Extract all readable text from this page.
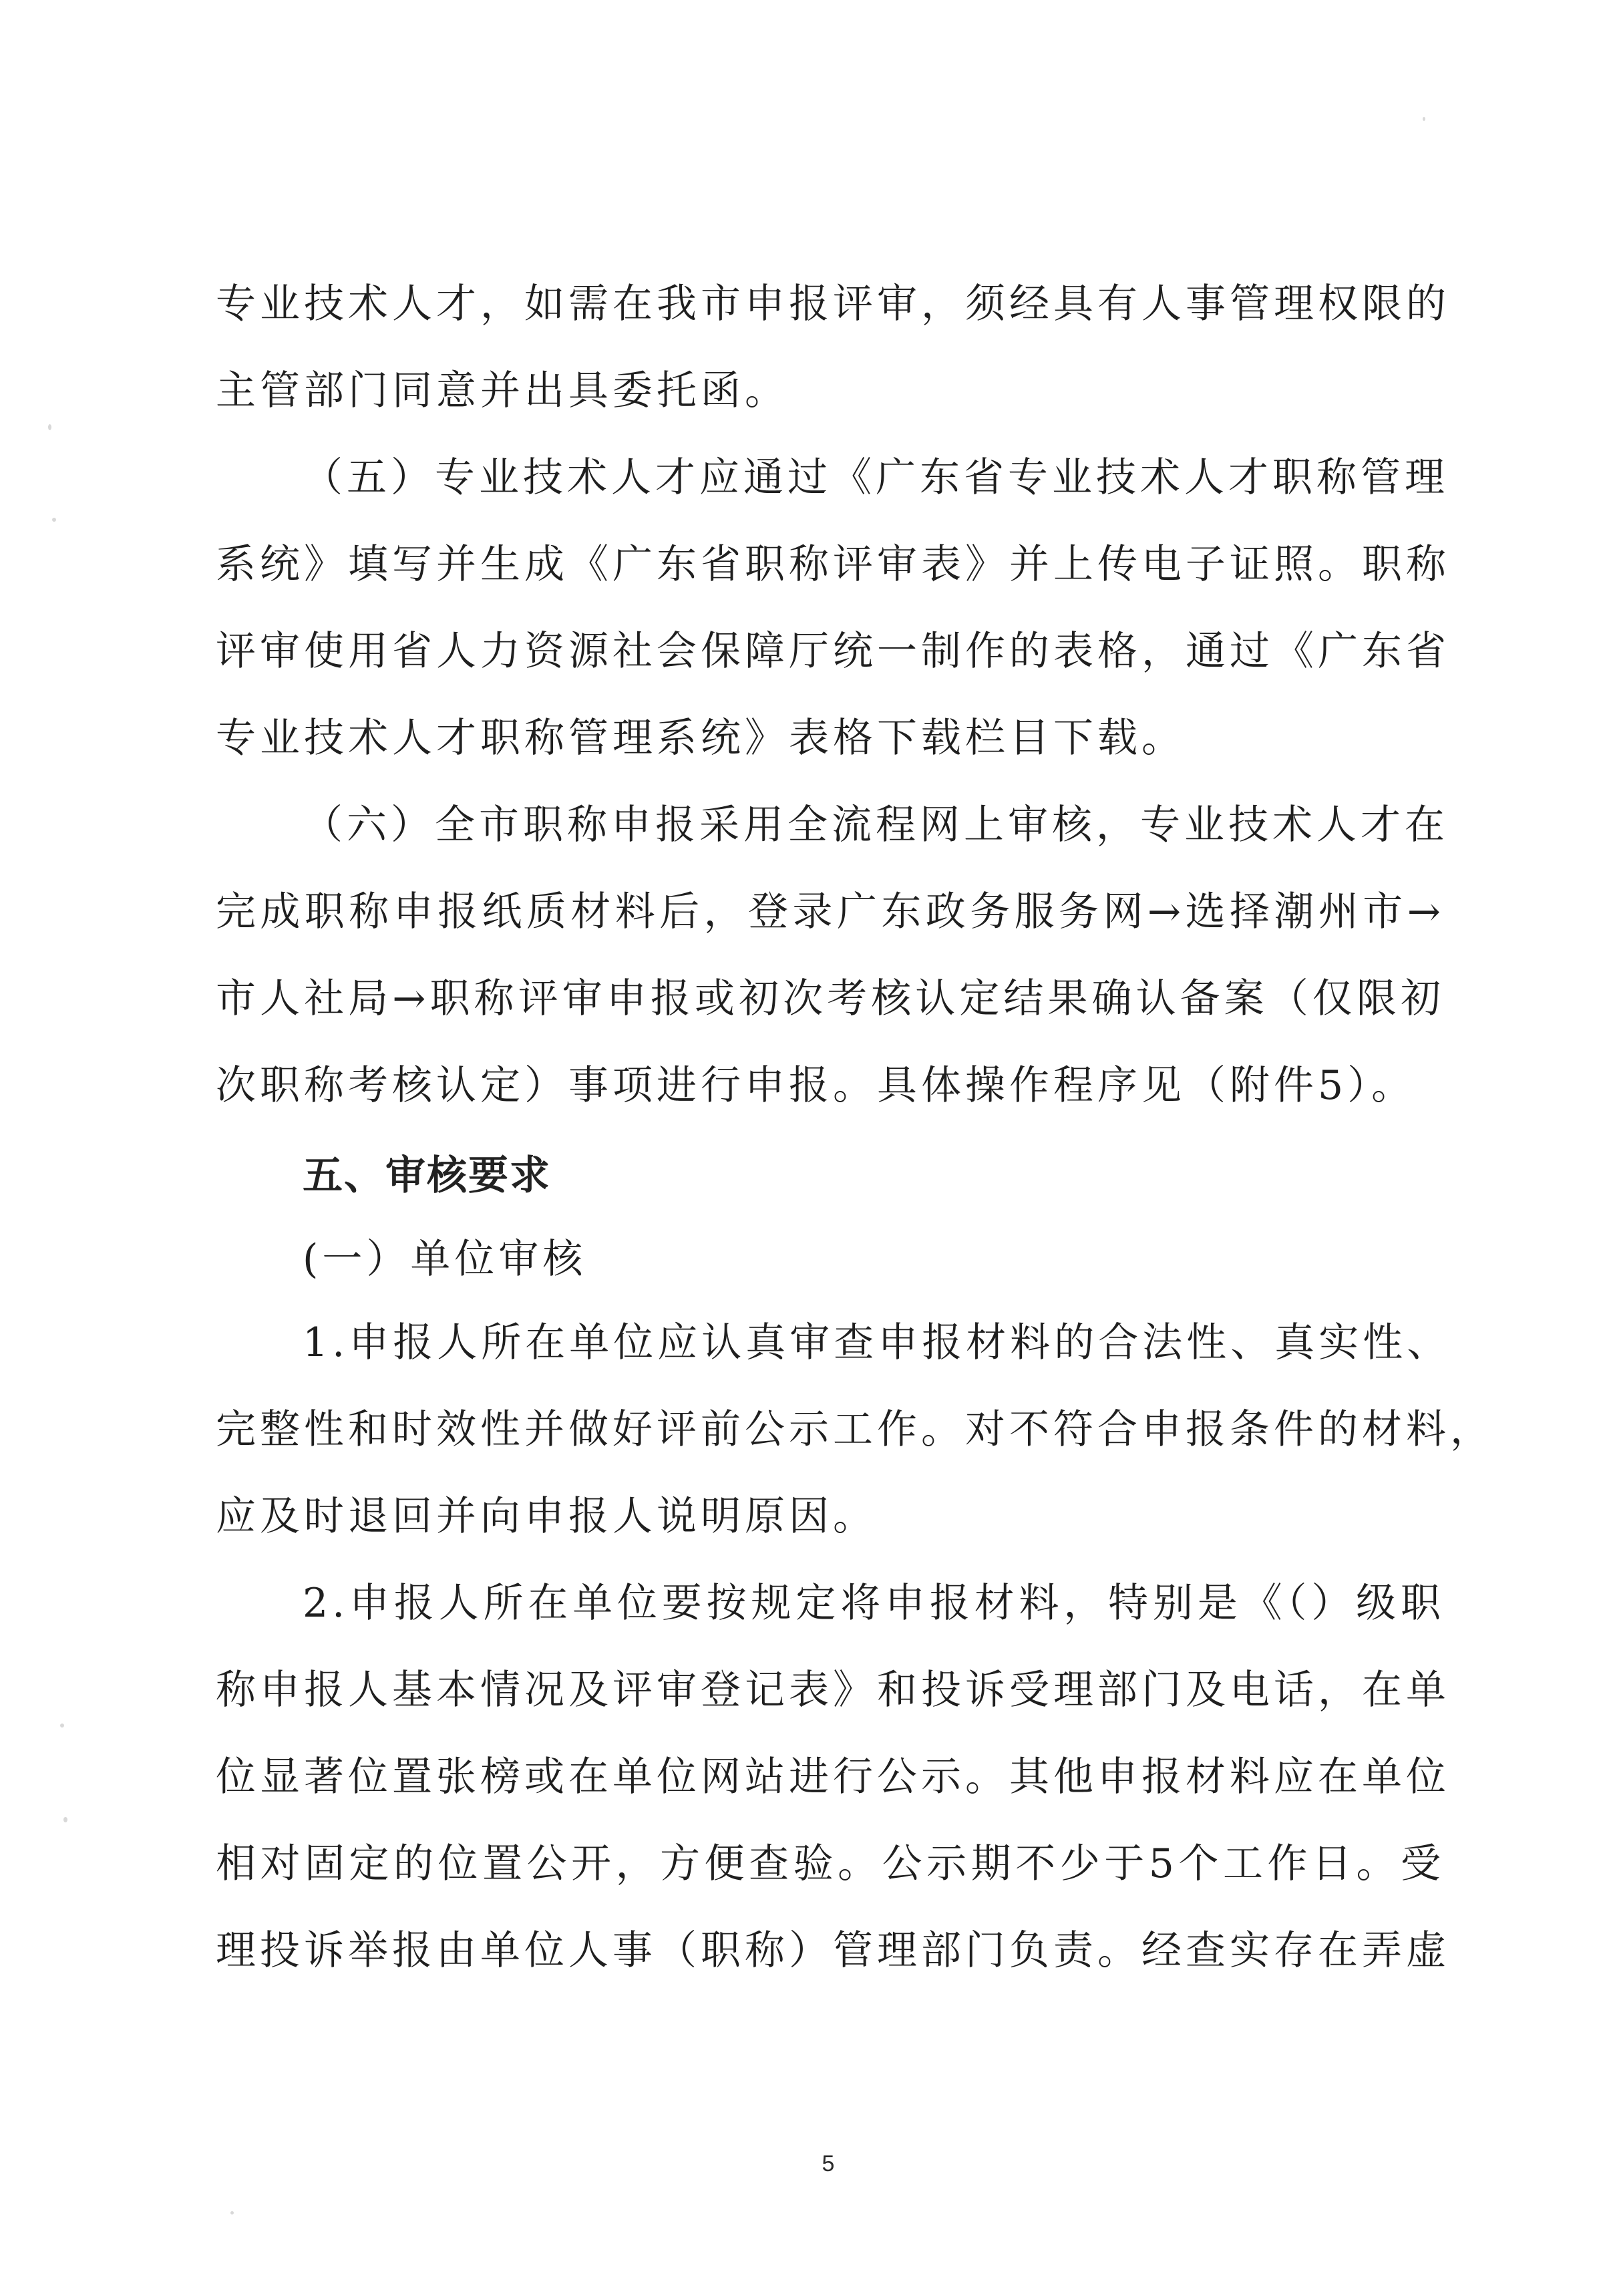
专业技术人才，如需在我市申报评审，须经具有人事管理权限的
主管部门同意并出具委托函。
（五）专业技术人才应通过《广东省专业技术人才职称管理
系统》填写并生成《广东省职称评审表》并上传电子证照。职称
评审使用省人力资源社会保障厅统一制作的表格，通过《广东省
专业技术人才职称管理系统》表格下载栏目下载。
（六）全市职称申报采用全流程网上审核，专业技术人才在
完成职称申报纸质材料后，登录广东政务服务网→选择潮州市→
市人社局→职称评审申报或初次考核认定结果确认备案（仅限初
次职称考核认定）事项进行申报。具体操作程序见（附件5）。
五、审核要求
(一）单位审核
1.申报人所在单位应认真审查申报材料的合法性、真实性、
完整性和时效性并做好评前公示工作。对不符合申报条件的材料，
应及时退回并向申报人说明原因。
2.申报人所在单位要按规定将申报材料，特别是《（）级职
称申报人基本情况及评审登记表》和投诉受理部门及电话，在单
位显著位置张榜或在单位网站进行公示。其他申报材料应在单位
相对固定的位置公开，方便查验。公示期不少于5个工作日。受
理投诉举报由单位人事（职称）管理部门负责。经查实存在弄虚
5
